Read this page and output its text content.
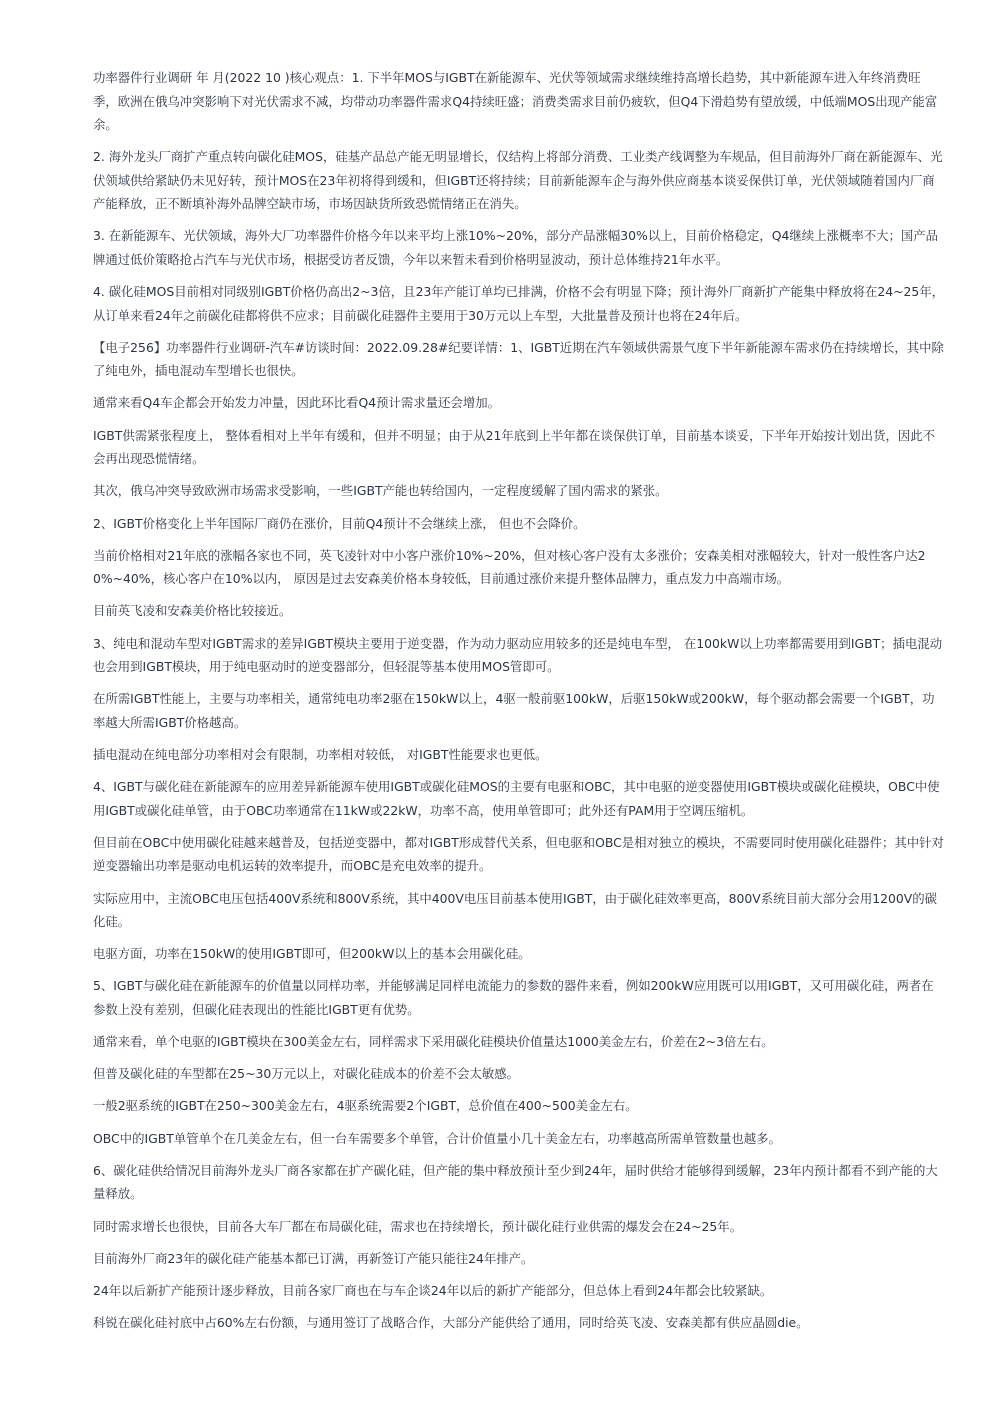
功率器件行业调研 年 月(2022 10 )核心观点：1. 下半年MOS与IGBT在新能源车、光伏等领域需求继续维持高增长趋势，其中新能源车进入年终消费旺季，欧洲在俄乌冲突影响下对光伏需求不减，均带动功率器件需求Q4持续旺盛；消费类需求目前仍疲软，但Q4下滑趋势有望放缓，中低端MOS出现产能富余。

2. 海外龙头厂商扩产重点转向碳化硅MOS，硅基产品总产能无明显增长，仅结构上将部分消费、工业类产线调整为车规品，但目前海外厂商在新能源车、光伏领域供给紧缺仍未见好转，预计MOS在23年初将得到缓和，但IGBT还将持续；目前新能源车企与海外供应商基本谈妥保供订单，光伏领域随着国内厂商产能释放，正不断填补海外品牌空缺市场，市场因缺货所致恐慌情绪正在消失。

3. 在新能源车、光伏领域，海外大厂功率器件价格今年以来平均上涨10%~20%，部分产品涨幅30%以上，目前价格稳定，Q4继续上涨概率不大；国产品牌通过低价策略抢占汽车与光伏市场，根据受访者反馈，今年以来暂未看到价格明显波动，预计总体维持21年水平。

4. 碳化硅MOS目前相对同级别IGBT价格仍高出2~3倍，且23年产能订单均已排满，价格不会有明显下降；预计海外厂商新扩产能集中释放将在24~25年，从订单来看24年之前碳化硅都将供不应求；目前碳化硅器件主要用于30万元以上车型，大批量普及预计也将在24年后。

【电子256】功率器件行业调研-汽车#访谈时间：2022.09.28#纪要详情：1、IGBT近期在汽车领域供需景气度下半年新能源车需求仍在持续增长，其中除了纯电外，插电混动车型增长也很快。

通常来看Q4车企都会开始发力冲量，因此环比看Q4预计需求量还会增加。

IGBT供需紧张程度上， 整体看相对上半年有缓和，但并不明显；由于从21年底到上半年都在谈保供订单，目前基本谈妥，下半年开始按计划出货，因此不会再出现恐慌情绪。

其次，俄乌冲突导致欧洲市场需求受影响，一些IGBT产能也转给国内，一定程度缓解了国内需求的紧张。

2、IGBT价格变化上半年国际厂商仍在涨价，目前Q4预计不会继续上涨， 但也不会降价。

当前价格相对21年底的涨幅各家也不同，英飞凌针对中小客户涨价10%~20%，但对核心客户没有太多涨价；安森美相对涨幅较大，针对一般性客户达20%~40%，核心客户在10%以内， 原因是过去安森美价格本身较低，目前通过涨价来提升整体品牌力，重点发力中高端市场。

目前英飞凌和安森美价格比较接近。

3、纯电和混动车型对IGBT需求的差异IGBT模块主要用于逆变器，作为动力驱动应用较多的还是纯电车型， 在100kW以上功率都需要用到IGBT；插电混动也会用到IGBT模块，用于纯电驱动时的逆变器部分，但轻混等基本使用MOS管即可。

在所需IGBT性能上，主要与功率相关，通常纯电功率2驱在150kW以上，4驱一般前驱100kW，后驱150kW或200kW，每个驱动都会需要一个IGBT，功率越大所需IGBT价格越高。

插电混动在纯电部分功率相对会有限制，功率相对较低， 对IGBT性能要求也更低。

4、IGBT与碳化硅在新能源车的应用差异新能源车使用IGBT或碳化硅MOS的主要有电驱和OBC，其中电驱的逆变器使用IGBT模块或碳化硅模块，OBC中使用IGBT或碳化硅单管，由于OBC功率通常在11kW或22kW，功率不高，使用单管即可；此外还有PAM用于空调压缩机。

但目前在OBC中使用碳化硅越来越普及，包括逆变器中，都对IGBT形成替代关系，但电驱和OBC是相对独立的模块，不需要同时使用碳化硅器件；其中针对逆变器输出功率是驱动电机运转的效率提升，而OBC是充电效率的提升。

实际应用中，主流OBC电压包括400V系统和800V系统，其中400V电压目前基本使用IGBT，由于碳化硅效率更高，800V系统目前大部分会用1200V的碳化硅。

电驱方面，功率在150kW的使用IGBT即可，但200kW以上的基本会用碳化硅。

5、IGBT与碳化硅在新能源车的价值量以同样功率，并能够满足同样电流能力的参数的器件来看，例如200kW应用既可以用IGBT，又可用碳化硅，两者在参数上没有差别，但碳化硅表现出的性能比IGBT更有优势。

通常来看，单个电驱的IGBT模块在300美金左右，同样需求下采用碳化硅模块价值量达1000美金左右，价差在2~3倍左右。

但普及碳化硅的车型都在25~30万元以上，对碳化硅成本的价差不会太敏感。

一般2驱系统的IGBT在250~300美金左右，4驱系统需要2个IGBT，总价值在400~500美金左右。

OBC中的IGBT单管单个在几美金左右，但一台车需要多个单管，合计价值量小几十美金左右，功率越高所需单管数量也越多。

6、碳化硅供给情况目前海外龙头厂商各家都在扩产碳化硅，但产能的集中释放预计至少到24年，届时供给才能够得到缓解，23年内预计都看不到产能的大量释放。

同时需求增长也很快，目前各大车厂都在布局碳化硅，需求也在持续增长，预计碳化硅行业供需的爆发会在24~25年。

目前海外厂商23年的碳化硅产能基本都已订满，再新签订产能只能往24年排产。

24年以后新扩产能预计逐步释放，目前各家厂商也在与车企谈24年以后的新扩产能部分，但总体上看到24年都会比较紧缺。

科锐在碳化硅衬底中占60%左右份额，与通用签订了战略合作，大部分产能供给了通用，同时给英飞凌、安森美都有供应晶圆die。
